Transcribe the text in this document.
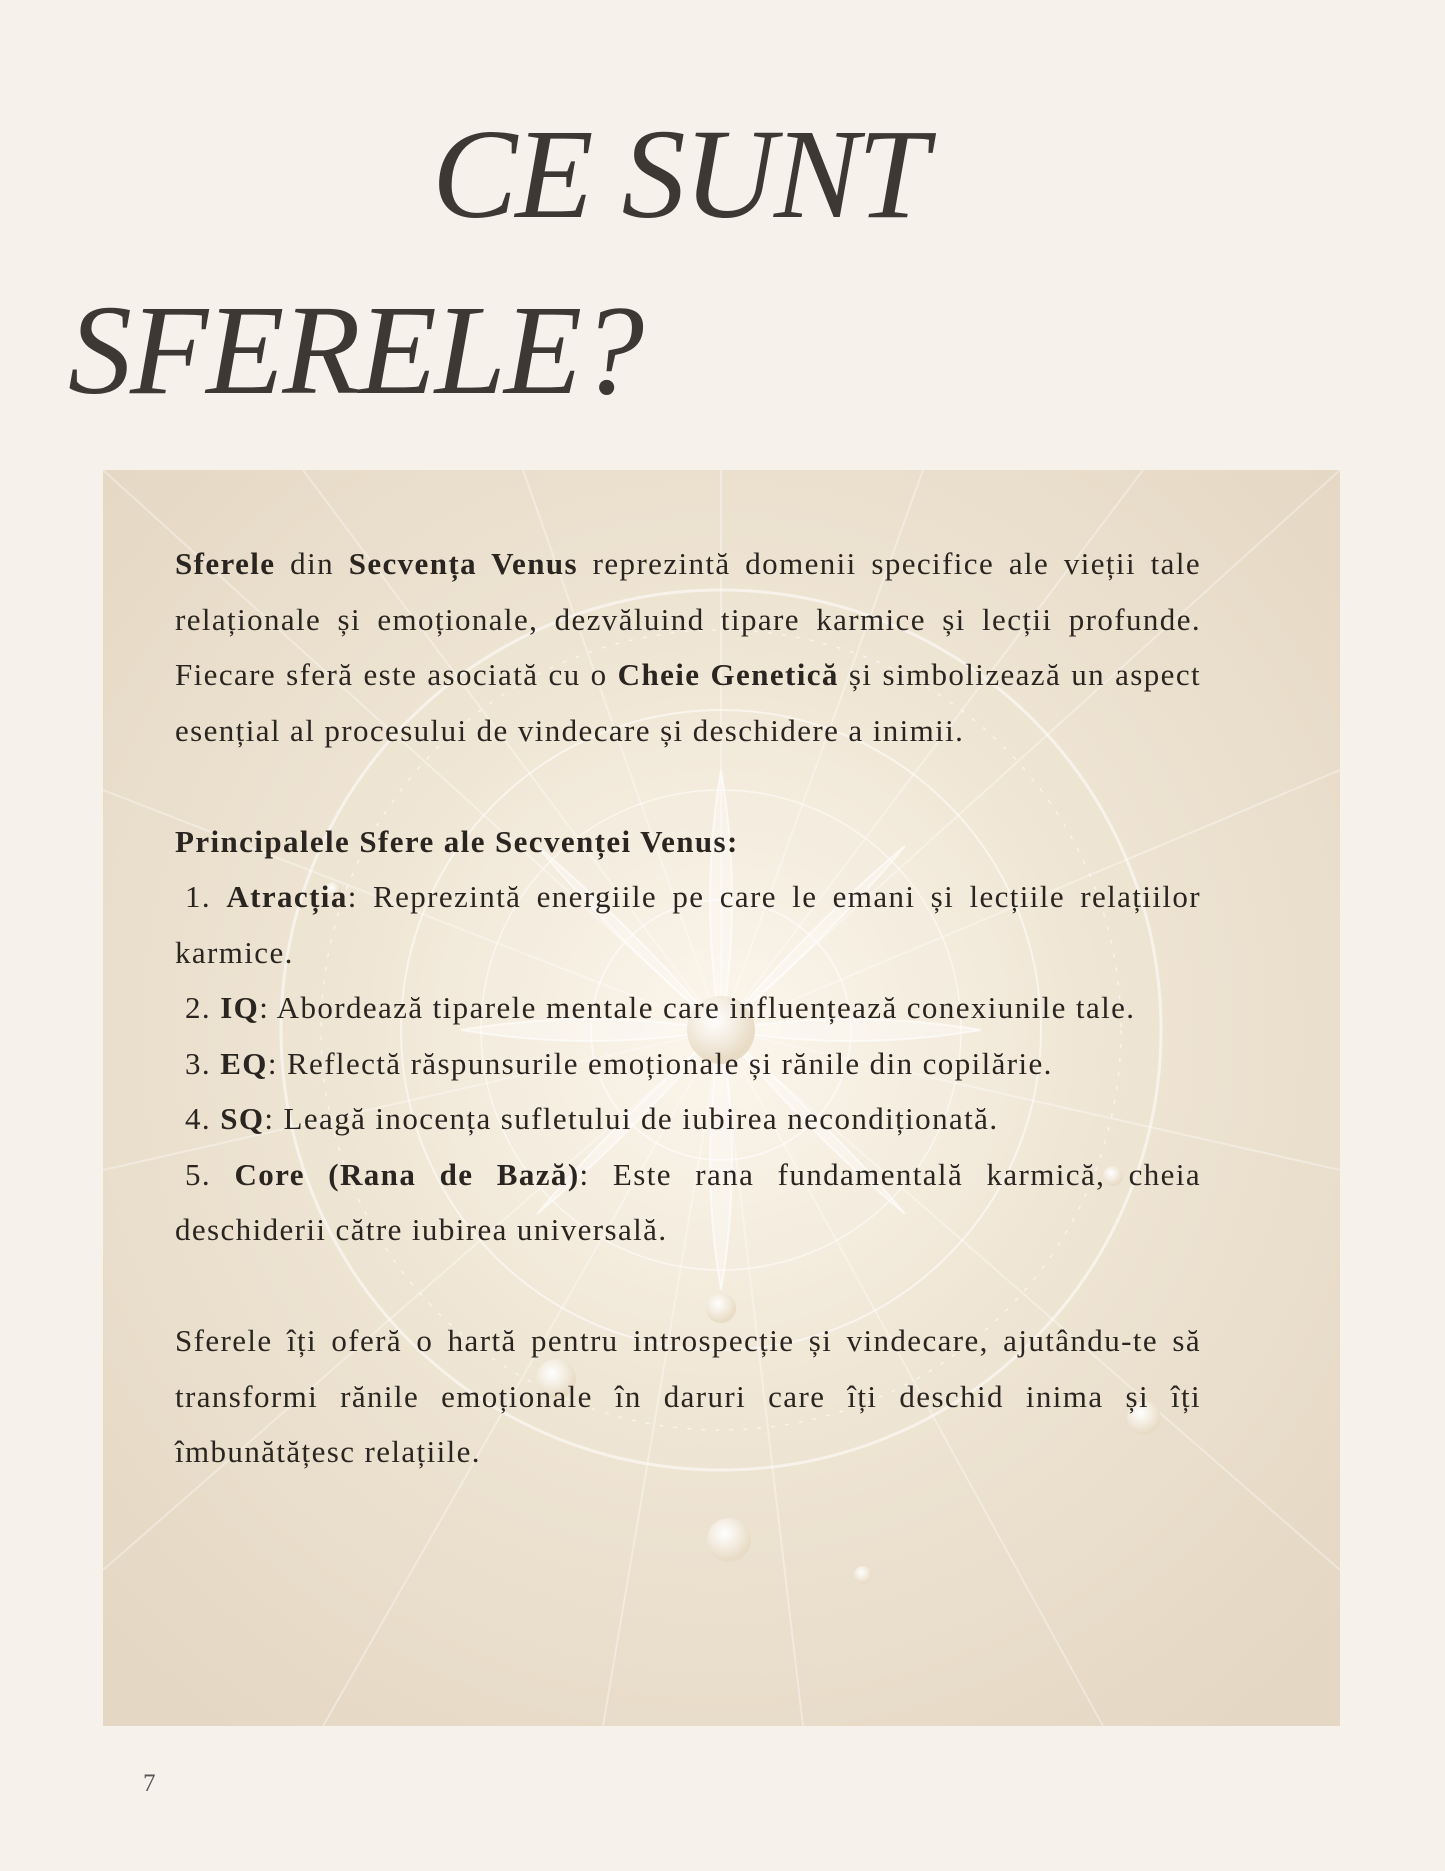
CE SUNT
SFERELE?

Sferele din Secvența Venus reprezintă domenii specifice ale vieții tale relaționale și emoționale, dezvăluind tipare karmice și lecții profunde. Fiecare sferă este asociată cu o Cheie Genetică și simbolizează un aspect esențial al procesului de vindecare și deschidere a inimii.

Principalele Sfere ale Secvenței Venus:

1. Atracția: Reprezintă energiile pe care le emani și lecțiile relațiilor karmice.

2. IQ: Abordează tiparele mentale care influențează conexiunile tale.

3. EQ: Reflectă răspunsurile emoționale și rănile din copilărie.

4. SQ: Leagă inocența sufletului de iubirea necondiționată.

5. Core (Rana de Bază): Este rana fundamentală karmică, cheia deschiderii către iubirea universală.

Sferele îți oferă o hartă pentru introspecție și vindecare, ajutându-te să transformi rănile emoționale în daruri care îți deschid inima și îți îmbunătățesc relațiile.

7
